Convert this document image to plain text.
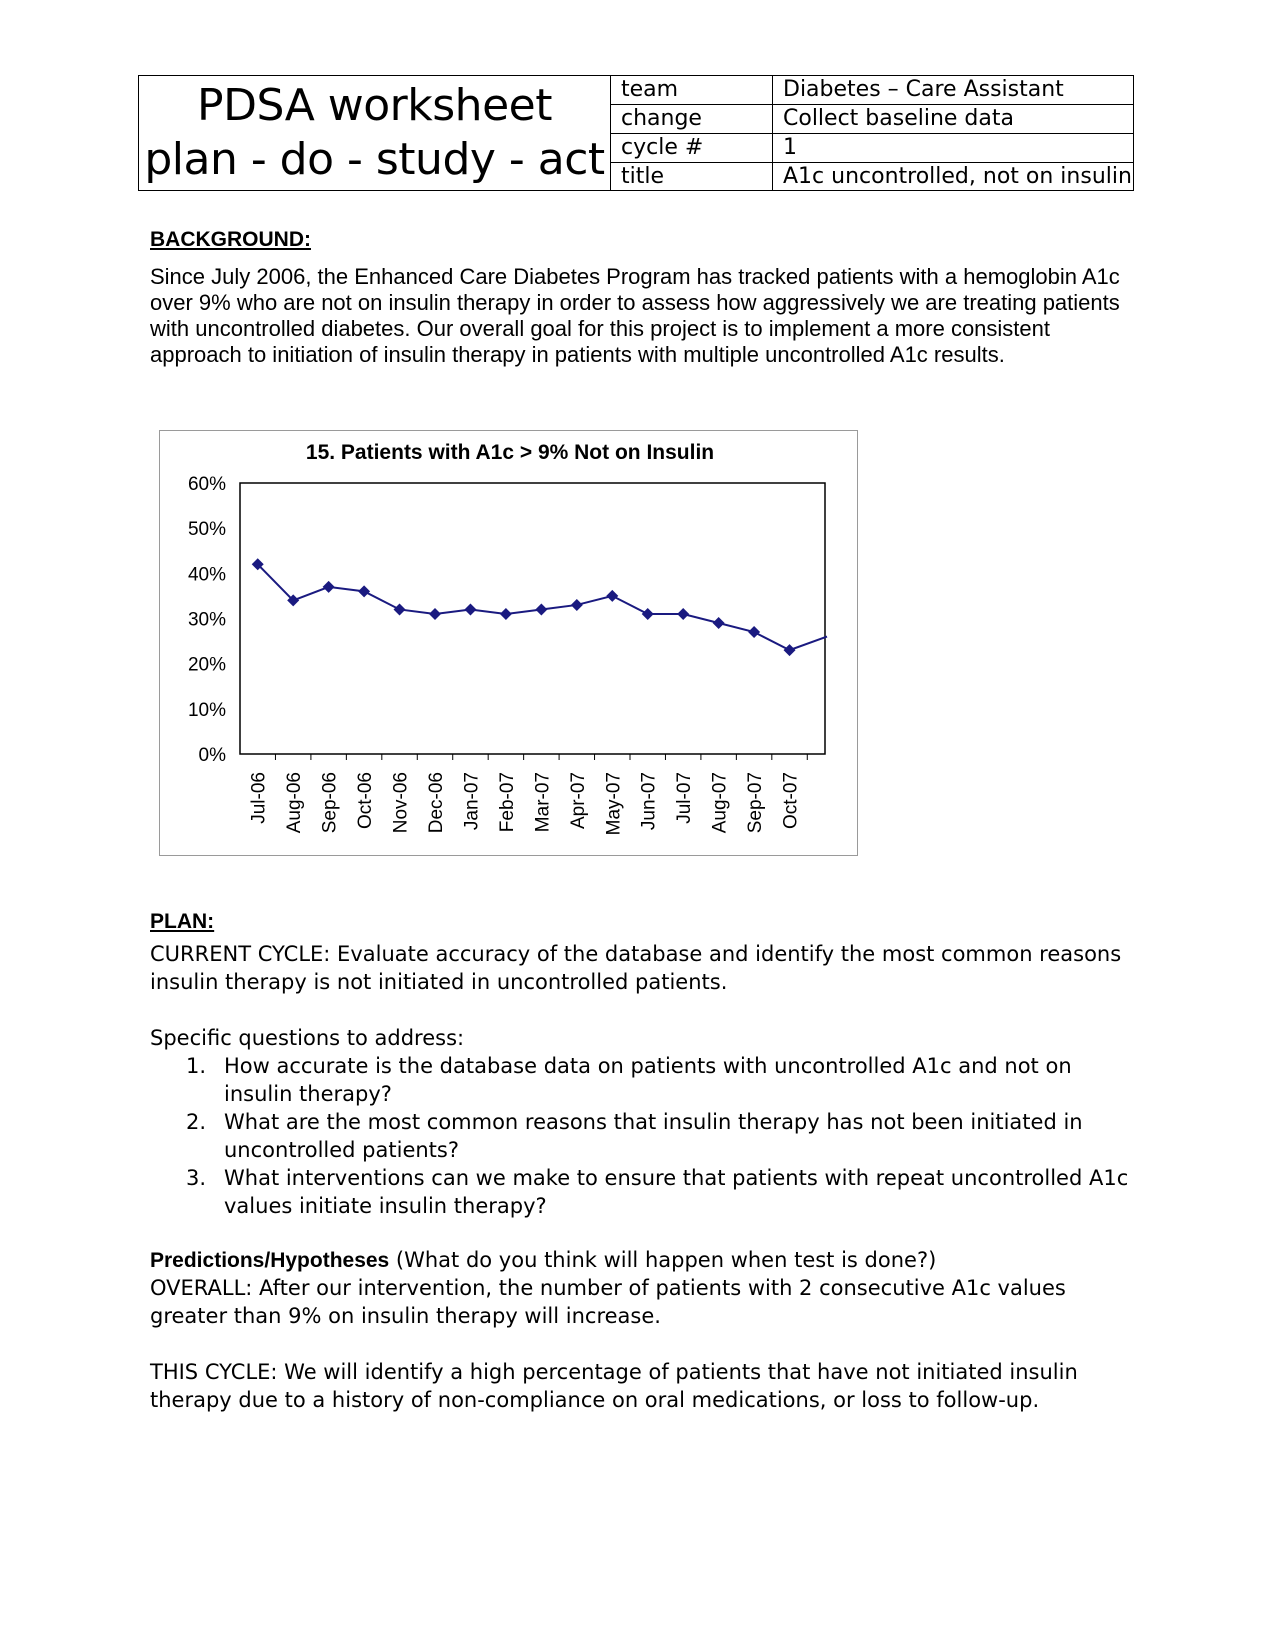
PDSA worksheet
plan - do - study - act
team	Diabetes – Care Assistant
change	Collect baseline data
cycle #	1
title	A1c uncontrolled, not on insulin
BACKGROUND:
Since July 2006, the Enhanced Care Diabetes Program has tracked patients with a hemoglobin A1c over 9% who are not on insulin therapy in order to assess how aggressively we are treating patients with uncontrolled diabetes. Our overall goal for this project is to implement a more consistent approach to initiation of insulin therapy in patients with multiple uncontrolled A1c results.
15. Patients with A1c > 9% Not on Insulin
0%
10%
20%
30%
40%
50%
60%
Jul-06 Aug-06 Sep-06 Oct-06 Nov-06 Dec-06 Jan-07 Feb-07 Mar-07 Apr-07 May-07 Jun-07 Jul-07 Aug-07 Sep-07 Oct-07
PLAN:
CURRENT CYCLE: Evaluate accuracy of the database and identify the most common reasons insulin therapy is not initiated in uncontrolled patients.
Specific questions to address:
1. How accurate is the database data on patients with uncontrolled A1c and not on insulin therapy?
2. What are the most common reasons that insulin therapy has not been initiated in uncontrolled patients?
3. What interventions can we make to ensure that patients with repeat uncontrolled A1c values initiate insulin therapy?
Predictions/Hypotheses (What do you think will happen when test is done?)
OVERALL: After our intervention, the number of patients with 2 consecutive A1c values greater than 9% on insulin therapy will increase.
THIS CYCLE: We will identify a high percentage of patients that have not initiated insulin therapy due to a history of non-compliance on oral medications, or loss to follow-up.
